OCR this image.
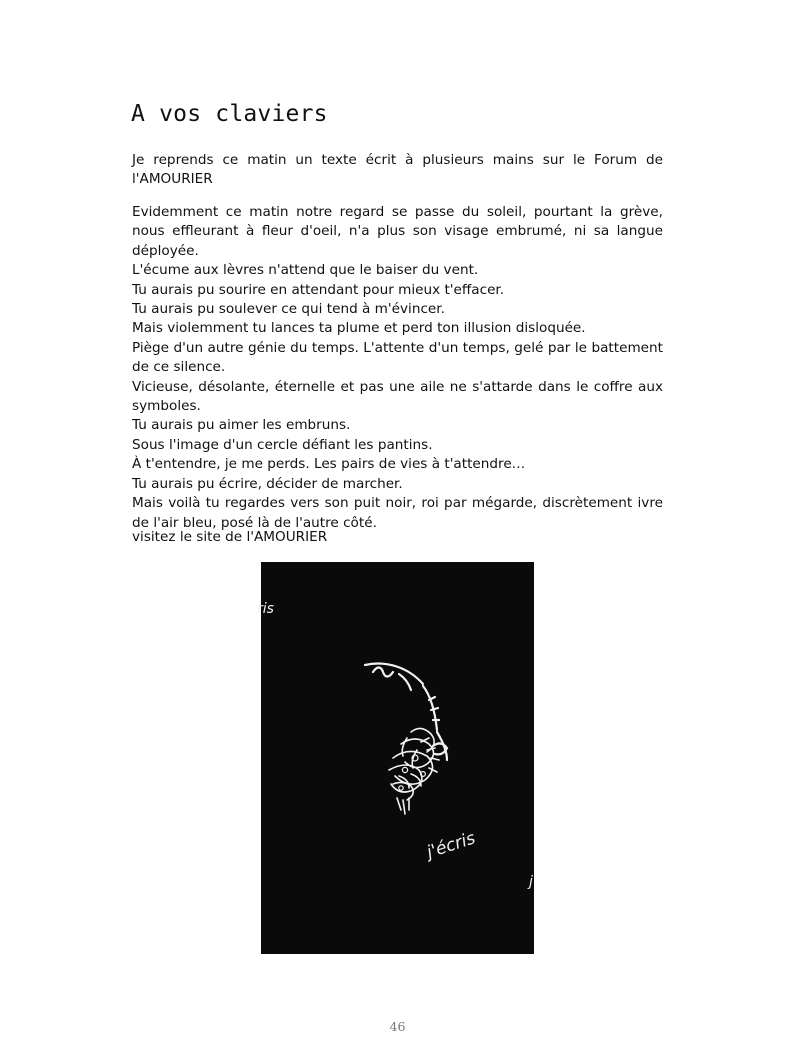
A vos claviers
Je reprends ce matin un texte écrit à plusieurs mains sur le Forum de l'AMOURIER

Evidemment ce matin notre regard se passe du soleil, pourtant la grève, nous effleurant à fleur d'oeil, n'a plus son visage embrumé, ni sa langue déployée.

L'écume aux lèvres n'attend que le baiser du vent.

Tu aurais pu sourire en attendant pour mieux t'effacer.

Tu aurais pu soulever ce qui tend à m'évincer.

Mais violemment tu lances ta plume et perd ton illusion disloquée.

Piège d'un autre génie du temps. L'attente d'un temps, gelé par le battement de ce silence.

Vicieuse, désolante, éternelle et pas une aile ne s'attarde dans le coffre aux symboles.

Tu aurais pu aimer les embruns.

Sous l'image d'un cercle défiant les pantins.

À t'entendre, je me perds. Les pairs de vies à t'attendre…

Tu aurais pu écrire, décider de marcher.

Mais voilà tu regardes vers son puit noir, roi par mégarde, discrètement ivre de l'air bleu, posé là de l'autre côté.

visitez le site de l'AMOURIER
ris
j'écris
j
46
